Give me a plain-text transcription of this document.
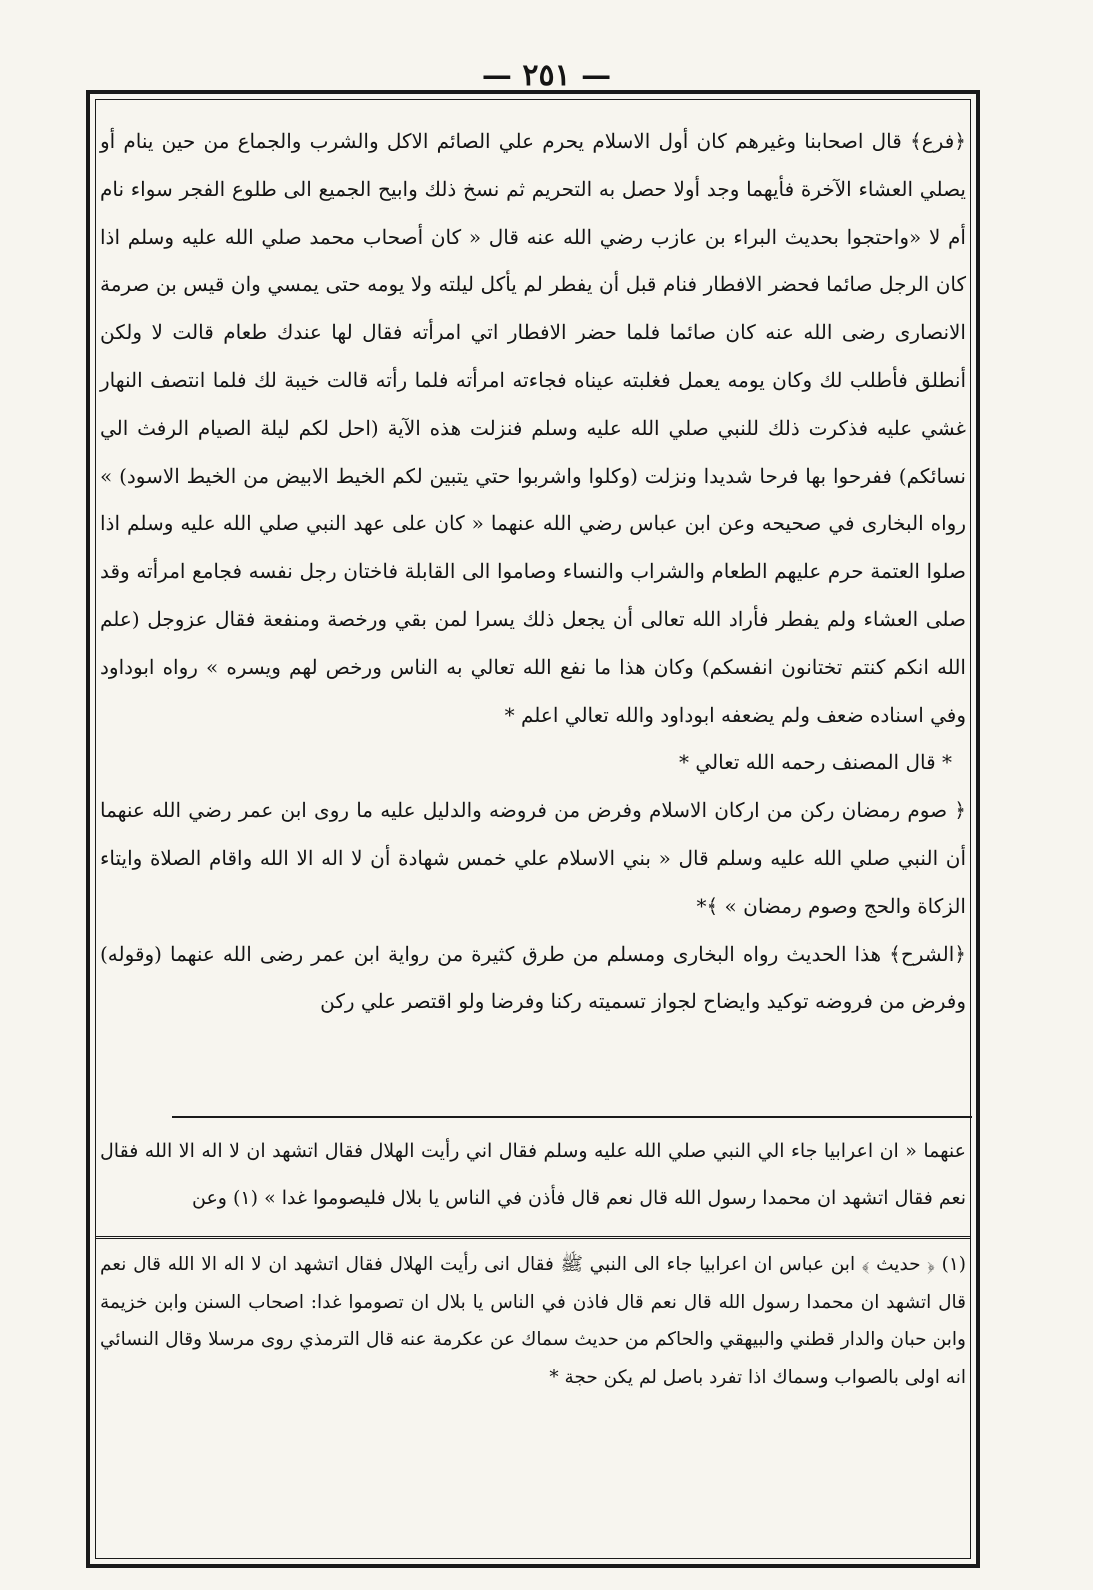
— ٢٥١ —

﴿فرع﴾ قال اصحابنا وغيرهم كان أول الاسلام يحرم علي الصائم الاكل والشرب والجماع من حين ينام أو يصلي العشاء الآخرة فأيهما وجد أولا حصل به التحريم ثم نسخ ذلك وابيح الجميع الى طلوع الفجر سواء نام أم لا «واحتجوا بحديث البراء بن عازب رضي الله عنه قال « كان أصحاب محمد صلي الله عليه وسلم اذا كان الرجل صائما فحضر الافطار فنام قبل أن يفطر لم يأكل ليلته ولا يومه حتى يمسي وان قيس بن صرمة الانصارى رضى الله عنه كان صائما فلما حضر الافطار اتي امرأته فقال لها عندك طعام قالت لا ولكن أنطلق فأطلب لك وكان يومه يعمل فغلبته عيناه فجاءته امرأته فلما رأته قالت خيبة لك فلما انتصف النهار غشي عليه فذكرت ذلك للنبي صلي الله عليه وسلم فنزلت هذه الآية (احل لكم ليلة الصيام الرفث الي نسائكم) ففرحوا بها فرحا شديدا ونزلت (وكلوا واشربوا حتي يتبين لكم الخيط الابيض من الخيط الاسود) » رواه البخارى في صحيحه وعن ابن عباس رضي الله عنهما « كان على عهد النبي صلي الله عليه وسلم اذا صلوا العتمة حرم عليهم الطعام والشراب والنساء وصاموا الى القابلة فاختان رجل نفسه فجامع امرأته وقد صلى العشاء ولم يفطر فأراد الله تعالى أن يجعل ذلك يسرا لمن بقي ورخصة ومنفعة فقال عزوجل (علم الله انكم كنتم تختانون انفسكم) وكان هذا ما نفع الله تعالي به الناس ورخص لهم ويسره » رواه ابوداود وفي اسناده ضعف ولم يضعفه ابوداود والله تعالي اعلم *

* قال المصنف رحمه الله تعالي *

﴿ صوم رمضان ركن من اركان الاسلام وفرض من فروضه والدليل عليه ما روى ابن عمر رضي الله عنهما أن النبي صلي الله عليه وسلم قال « بني الاسلام علي خمس شهادة أن لا اله الا الله واقام الصلاة وايتاء الزكاة والحج وصوم رمضان » ﴾*

﴿الشرح﴾ هذا الحديث رواه البخارى ومسلم من طرق كثيرة من رواية ابن عمر رضى الله عنهما (وقوله) وفرض من فروضه توكيد وايضاح لجواز تسميته ركنا وفرضا ولو اقتصر علي ركن

عنهما « ان اعرابيا جاء الي النبي صلي الله عليه وسلم فقال اني رأيت الهلال فقال اتشهد ان لا اله الا الله فقال نعم فقال اتشهد ان محمدا رسول الله قال نعم قال فأذن في الناس يا بلال فليصوموا غدا » (١) وعن

(١) ﴿ حديث ﴾ ابن عباس ان اعرابيا جاء الى النبي ﷺ فقال انى رأيت الهلال فقال اتشهد ان لا اله الا الله قال نعم قال اتشهد ان محمدا رسول الله قال نعم قال فاذن في الناس يا بلال ان تصوموا غدا: اصحاب السنن وابن خزيمة وابن حبان والدار قطني والبيهقي والحاكم من حديث سماك عن عكرمة عنه قال الترمذي روى مرسلا وقال النسائي انه اولى بالصواب وسماك اذا تفرد باصل لم يكن حجة *
